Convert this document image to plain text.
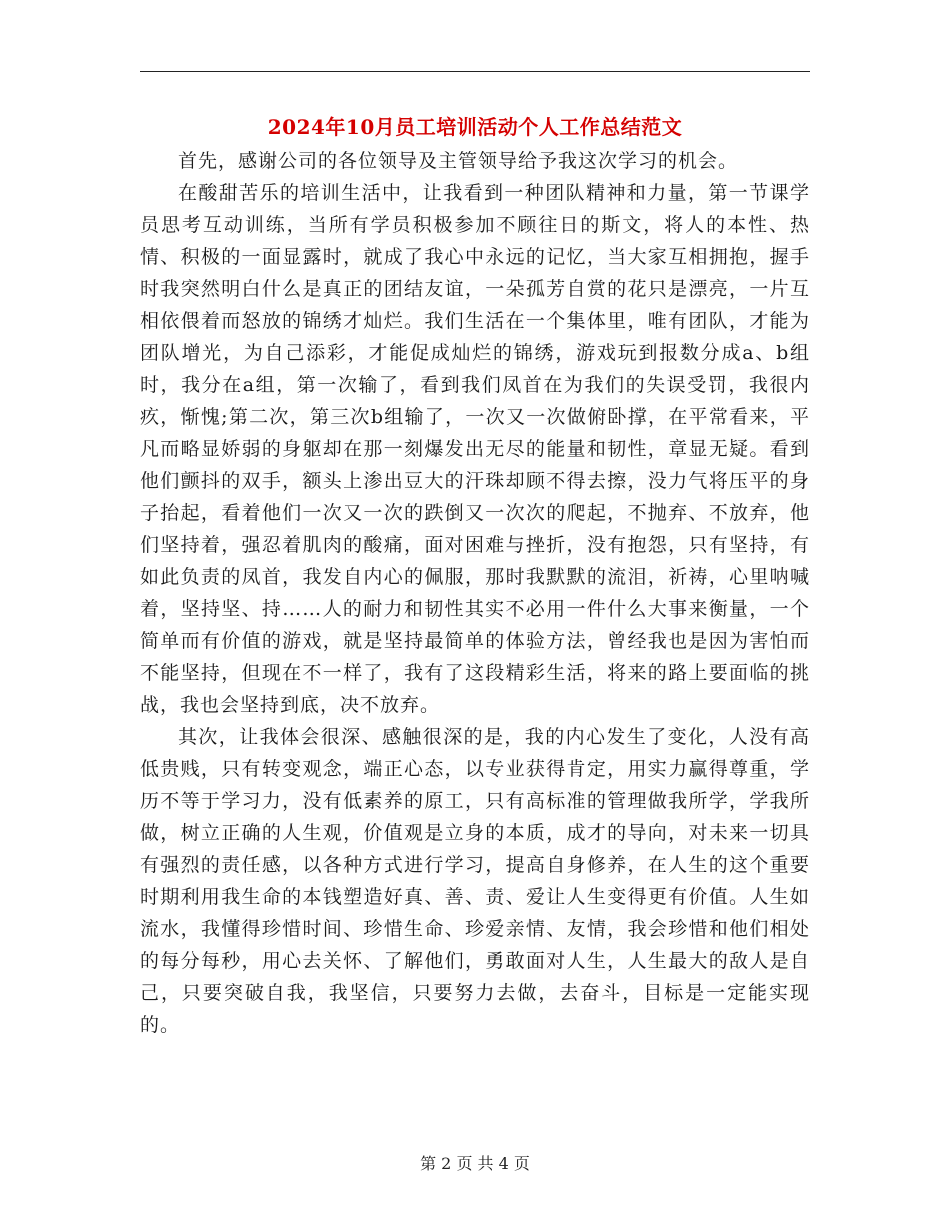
2024年10月员工培训活动个人工作总结范文

首先，感谢公司的各位领导及主管领导给予我这次学习的机会。

在酸甜苦乐的培训生活中，让我看到一种团队精神和力量，第一节课学员思考互动训练，当所有学员积极参加不顾往日的斯文，将人的本性、热情、积极的一面显露时，就成了我心中永远的记忆，当大家互相拥抱，握手时我突然明白什么是真正的团结友谊，一朵孤芳自赏的花只是漂亮，一片互相依偎着而怒放的锦绣才灿烂。我们生活在一个集体里，唯有团队，才能为团队增光，为自己添彩，才能促成灿烂的锦绣，游戏玩到报数分成a、b组时，我分在a组，第一次输了，看到我们凤首在为我们的失误受罚，我很内疚，惭愧;第二次，第三次b组输了，一次又一次做俯卧撑，在平常看来，平凡而略显娇弱的身躯却在那一刻爆发出无尽的能量和韧性，章显无疑。看到他们颤抖的双手，额头上渗出豆大的汗珠却顾不得去擦，没力气将压平的身子抬起，看着他们一次又一次的跌倒又一次次的爬起，不抛弃、不放弃，他们坚持着，强忍着肌肉的酸痛，面对困难与挫折，没有抱怨，只有坚持，有如此负责的凤首，我发自内心的佩服，那时我默默的流泪，祈祷，心里呐喊着，坚持坚、持……人的耐力和韧性其实不必用一件什么大事来衡量，一个简单而有价值的游戏，就是坚持最简单的体验方法，曾经我也是因为害怕而不能坚持，但现在不一样了，我有了这段精彩生活，将来的路上要面临的挑战，我也会坚持到底，决不放弃。

其次，让我体会很深、感触很深的是，我的内心发生了变化，人没有高低贵贱，只有转变观念，端正心态，以专业获得肯定，用实力赢得尊重，学历不等于学习力，没有低素养的原工，只有高标准的管理做我所学，学我所做，树立正确的人生观，价值观是立身的本质，成才的导向，对未来一切具有强烈的责任感，以各种方式进行学习，提高自身修养，在人生的这个重要时期利用我生命的本钱塑造好真、善、责、爱让人生变得更有价值。人生如流水，我懂得珍惜时间、珍惜生命、珍爱亲情、友情，我会珍惜和他们相处的每分每秒，用心去关怀、了解他们，勇敢面对人生，人生最大的敌人是自己，只要突破自我，我坚信，只要努力去做，去奋斗，目标是一定能实现的。

第 2 页 共 4 页
